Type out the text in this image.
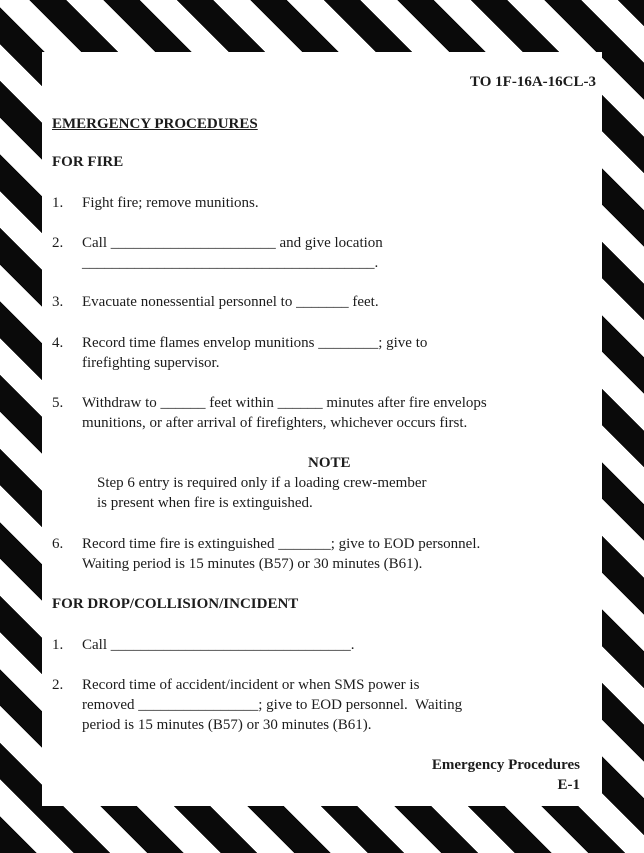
TO 1F-16A-16CL-3
EMERGENCY PROCEDURES
FOR FIRE
1. Fight fire; remove munitions.
2. Call ______________________ and give location
_______________________________________.
3. Evacuate nonessential personnel to _______ feet.
4. Record time flames envelop munitions ________; give to
firefighting supervisor.
5. Withdraw to ______ feet within ______ minutes after fire envelops
munitions, or after arrival of firefighters, whichever occurs first.
NOTE
Step 6 entry is required only if a loading crew-member
is present when fire is extinguished.
6. Record time fire is extinguished _______; give to EOD personnel.
Waiting period is 15 minutes (B57) or 30 minutes (B61).
FOR DROP/COLLISION/INCIDENT
1. Call ________________________________.
2. Record time of accident/incident or when SMS power is
removed ________________; give to EOD personnel.  Waiting
period is 15 minutes (B57) or 30 minutes (B61).
Emergency Procedures
E-1
